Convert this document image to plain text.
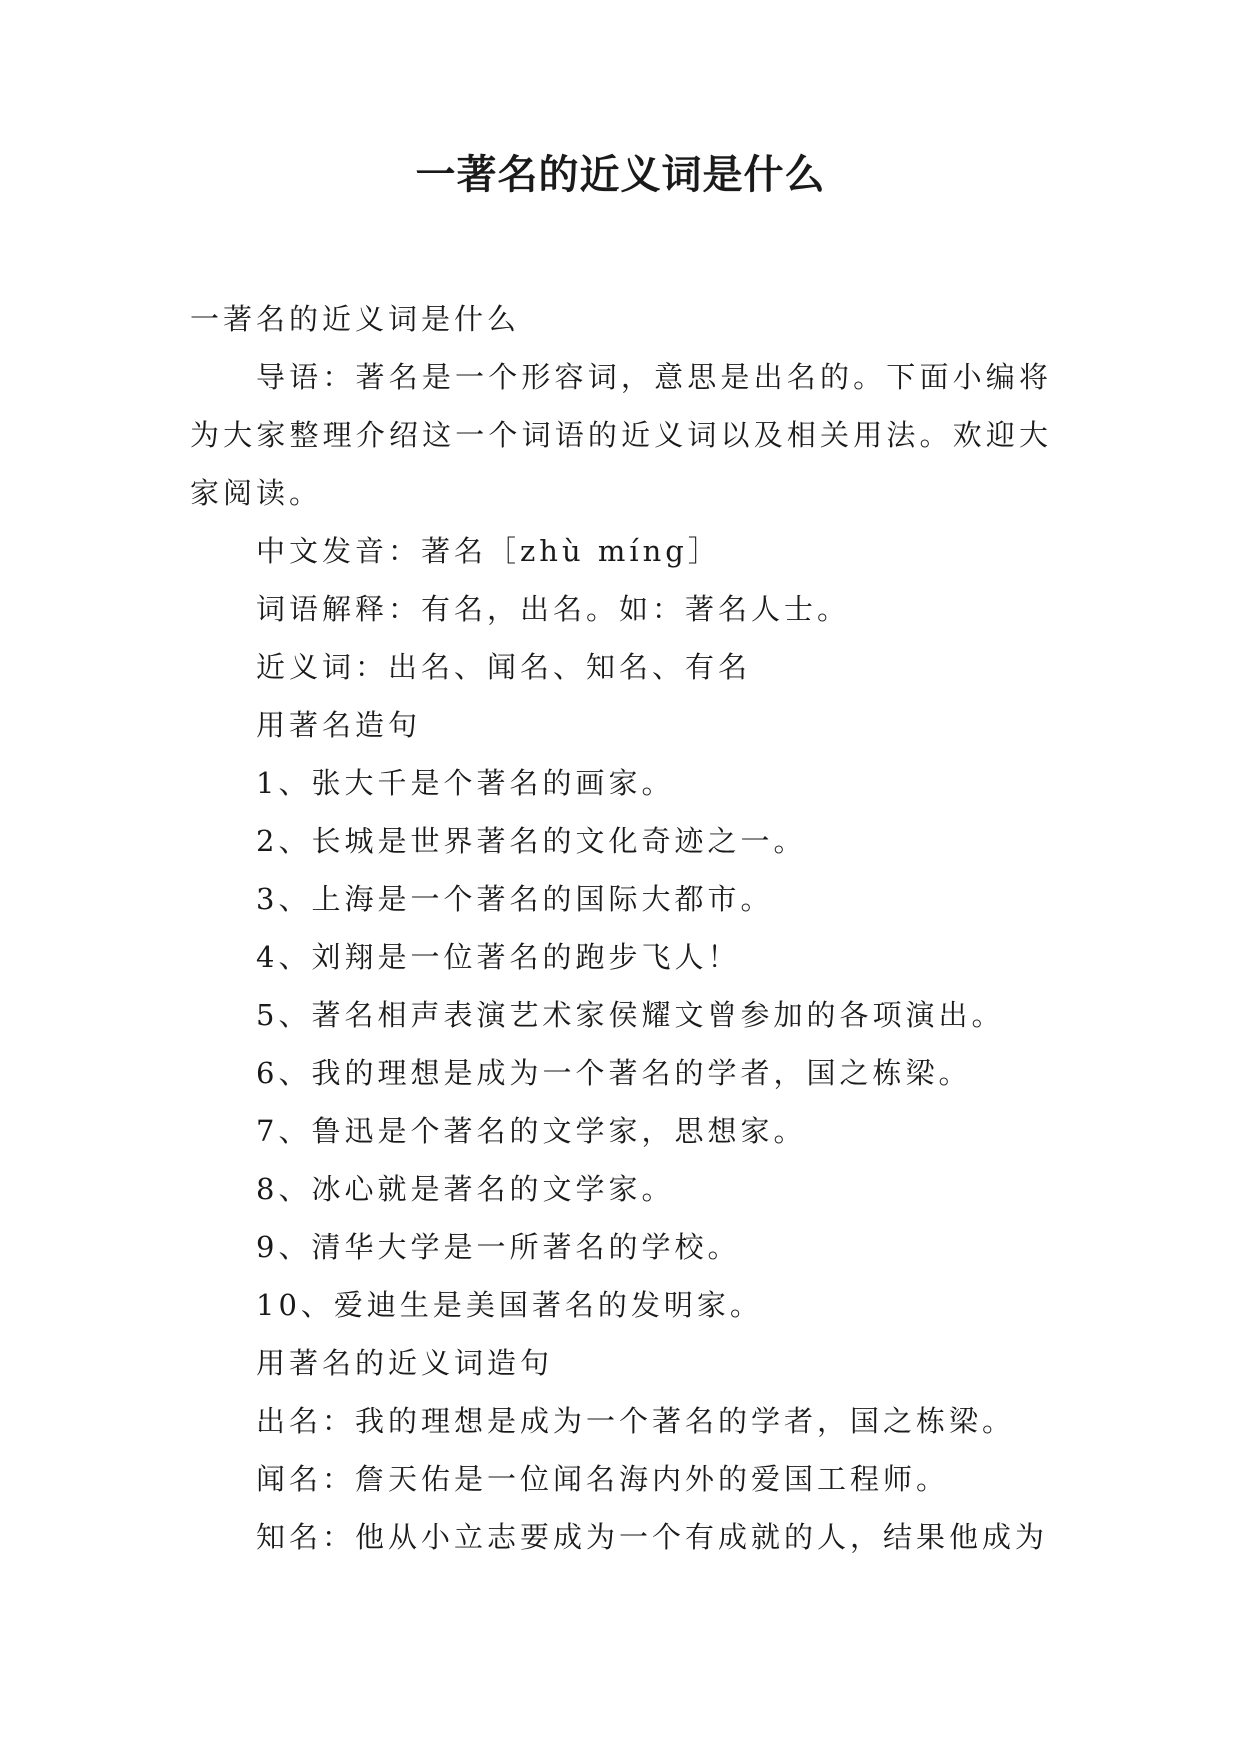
一著名的近义词是什么

一著名的近义词是什么

导语：著名是一个形容词，意思是出名的。下面小编将为大家整理介绍这一个词语的近义词以及相关用法。欢迎大家阅读。

中文发音：著名［zhù míng］

词语解释：有名，出名。如：著名人士。

近义词：出名、闻名、知名、有名

用著名造句

1、张大千是个著名的画家。

2、长城是世界著名的文化奇迹之一。

3、上海是一个著名的国际大都市。

4、刘翔是一位著名的跑步飞人！

5、著名相声表演艺术家侯耀文曾参加的各项演出。

6、我的理想是成为一个著名的学者，国之栋梁。

7、鲁迅是个著名的文学家，思想家。

8、冰心就是著名的文学家。

9、清华大学是一所著名的学校。

10、爱迪生是美国著名的发明家。

用著名的近义词造句

出名：我的理想是成为一个著名的学者，国之栋梁。

闻名：詹天佑是一位闻名海内外的爱国工程师。

知名：他从小立志要成为一个有成就的人，结果他成为
